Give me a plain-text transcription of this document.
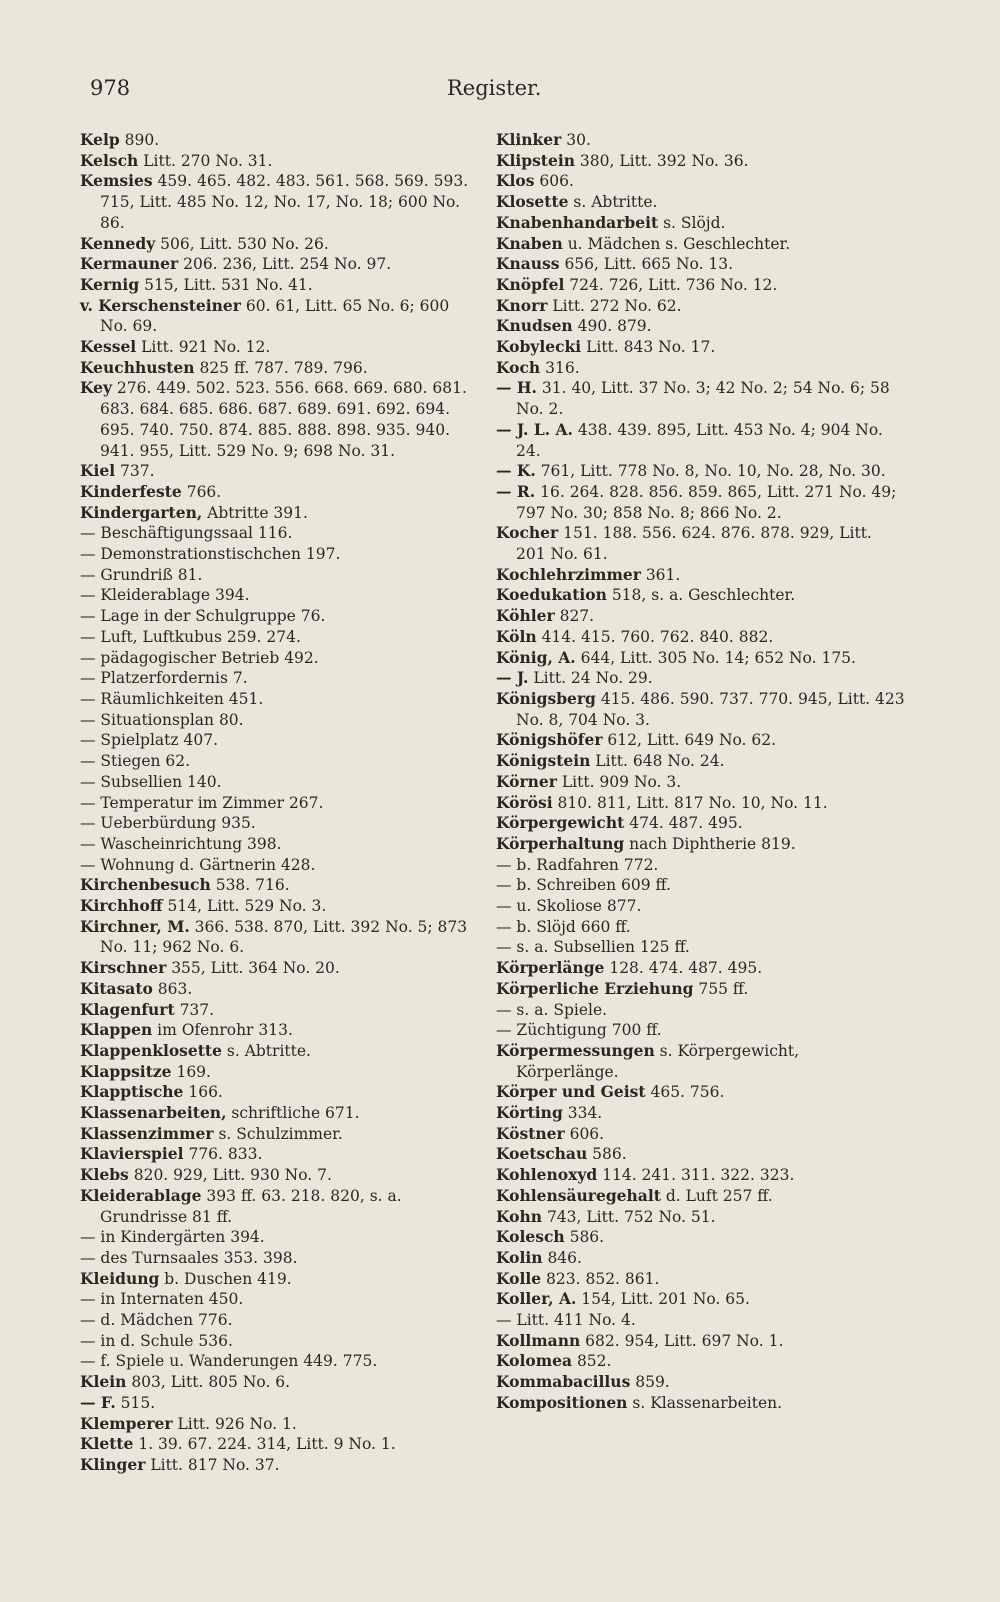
978	Register.

Kelp 890.

Kelsch Litt. 270 No. 31.

Kemsies 459. 465. 482. 483. 561. 568. 569. 593. 715, Litt. 485 No. 12, No. 17, No. 18; 600 No. 86.

Kennedy 506, Litt. 530 No. 26.

Kermauner 206. 236, Litt. 254 No. 97.

Kernig 515, Litt. 531 No. 41.

v. Kerschensteiner 60. 61, Litt. 65 No. 6; 600 No. 69.

Kessel Litt. 921 No. 12.

Keuchhusten 825 ff. 787. 789. 796.

Key 276. 449. 502. 523. 556. 668. 669. 680. 681. 683. 684. 685. 686. 687. 689. 691. 692. 694. 695. 740. 750. 874. 885. 888. 898. 935. 940. 941. 955, Litt. 529 No. 9; 698 No. 31.

Kiel 737.

Kinderfeste 766.

Kindergarten, Abtritte 391.

— Beschäftigungssaal 116.

— Demonstrationstischchen 197.

— Grundriß 81.

— Kleiderablage 394.

— Lage in der Schulgruppe 76.

— Luft, Luftkubus 259. 274.

— pädagogischer Betrieb 492.

— Platzerfordernis 7.

— Räumlichkeiten 451.

— Situationsplan 80.

— Spielplatz 407.

— Stiegen 62.

— Subsellien 140.

— Temperatur im Zimmer 267.

— Ueberbürdung 935.

— Wascheinrichtung 398.

— Wohnung d. Gärtnerin 428.

Kirchenbesuch 538. 716.

Kirchhoff 514, Litt. 529 No. 3.

Kirchner, M. 366. 538. 870, Litt. 392 No. 5; 873 No. 11; 962 No. 6.

Kirschner 355, Litt. 364 No. 20.

Kitasato 863.

Klagenfurt 737.

Klappen im Ofenrohr 313.

Klappenklosette s. Abtritte.

Klappsitze 169.

Klapptische 166.

Klassenarbeiten, schriftliche 671.

Klassenzimmer s. Schulzimmer.

Klavierspiel 776. 833.

Klebs 820. 929, Litt. 930 No. 7.

Kleiderablage 393 ff. 63. 218. 820, s. a. Grundrisse 81 ff.

— in Kindergärten 394.

— des Turnsaales 353. 398.

Kleidung b. Duschen 419.

— in Internaten 450.

— d. Mädchen 776.

— in d. Schule 536.

— f. Spiele u. Wanderungen 449. 775.

Klein 803, Litt. 805 No. 6.

— F. 515.

Klemperer Litt. 926 No. 1.

Klette 1. 39. 67. 224. 314, Litt. 9 No. 1.

Klinger Litt. 817 No. 37.

Klinker 30.

Klipstein 380, Litt. 392 No. 36.

Klos 606.

Klosette s. Abtritte.

Knabenhandarbeit s. Slöjd.

Knaben u. Mädchen s. Geschlechter.

Knauss 656, Litt. 665 No. 13.

Knöpfel 724. 726, Litt. 736 No. 12.

Knorr Litt. 272 No. 62.

Knudsen 490. 879.

Kobylecki Litt. 843 No. 17.

Koch 316.

— H. 31. 40, Litt. 37 No. 3; 42 No. 2; 54 No. 6; 58 No. 2.

— J. L. A. 438. 439. 895, Litt. 453 No. 4; 904 No. 24.

— K. 761, Litt. 778 No. 8, No. 10, No. 28, No. 30.

— R. 16. 264. 828. 856. 859. 865, Litt. 271 No. 49; 797 No. 30; 858 No. 8; 866 No. 2.

Kocher 151. 188. 556. 624. 876. 878. 929, Litt. 201 No. 61.

Kochlehrzimmer 361.

Koedukation 518, s. a. Geschlechter.

Köhler 827.

Köln 414. 415. 760. 762. 840. 882.

König, A. 644, Litt. 305 No. 14; 652 No. 175.

— J. Litt. 24 No. 29.

Königsberg 415. 486. 590. 737. 770. 945, Litt. 423 No. 8, 704 No. 3.

Königshöfer 612, Litt. 649 No. 62.

Königstein Litt. 648 No. 24.

Körner Litt. 909 No. 3.

Körösi 810. 811, Litt. 817 No. 10, No. 11.

Körpergewicht 474. 487. 495.

Körperhaltung nach Diphtherie 819.

— b. Radfahren 772.

— b. Schreiben 609 ff.

— u. Skoliose 877.

— b. Slöjd 660 ff.

— s. a. Subsellien 125 ff.

Körperlänge 128. 474. 487. 495.

Körperliche Erziehung 755 ff.

— s. a. Spiele.

— Züchtigung 700 ff.

Körpermessungen s. Körpergewicht, Körperlänge.

Körper und Geist 465. 756.

Körting 334.

Köstner 606.

Koetschau 586.

Kohlenoxyd 114. 241. 311. 322. 323.

Kohlensäuregehalt d. Luft 257 ff.

Kohn 743, Litt. 752 No. 51.

Kolesch 586.

Kolin 846.

Kolle 823. 852. 861.

Koller, A. 154, Litt. 201 No. 65.

— Litt. 411 No. 4.

Kollmann 682. 954, Litt. 697 No. 1.

Kolomea 852.

Kommabacillus 859.

Kompositionen s. Klassenarbeiten.
